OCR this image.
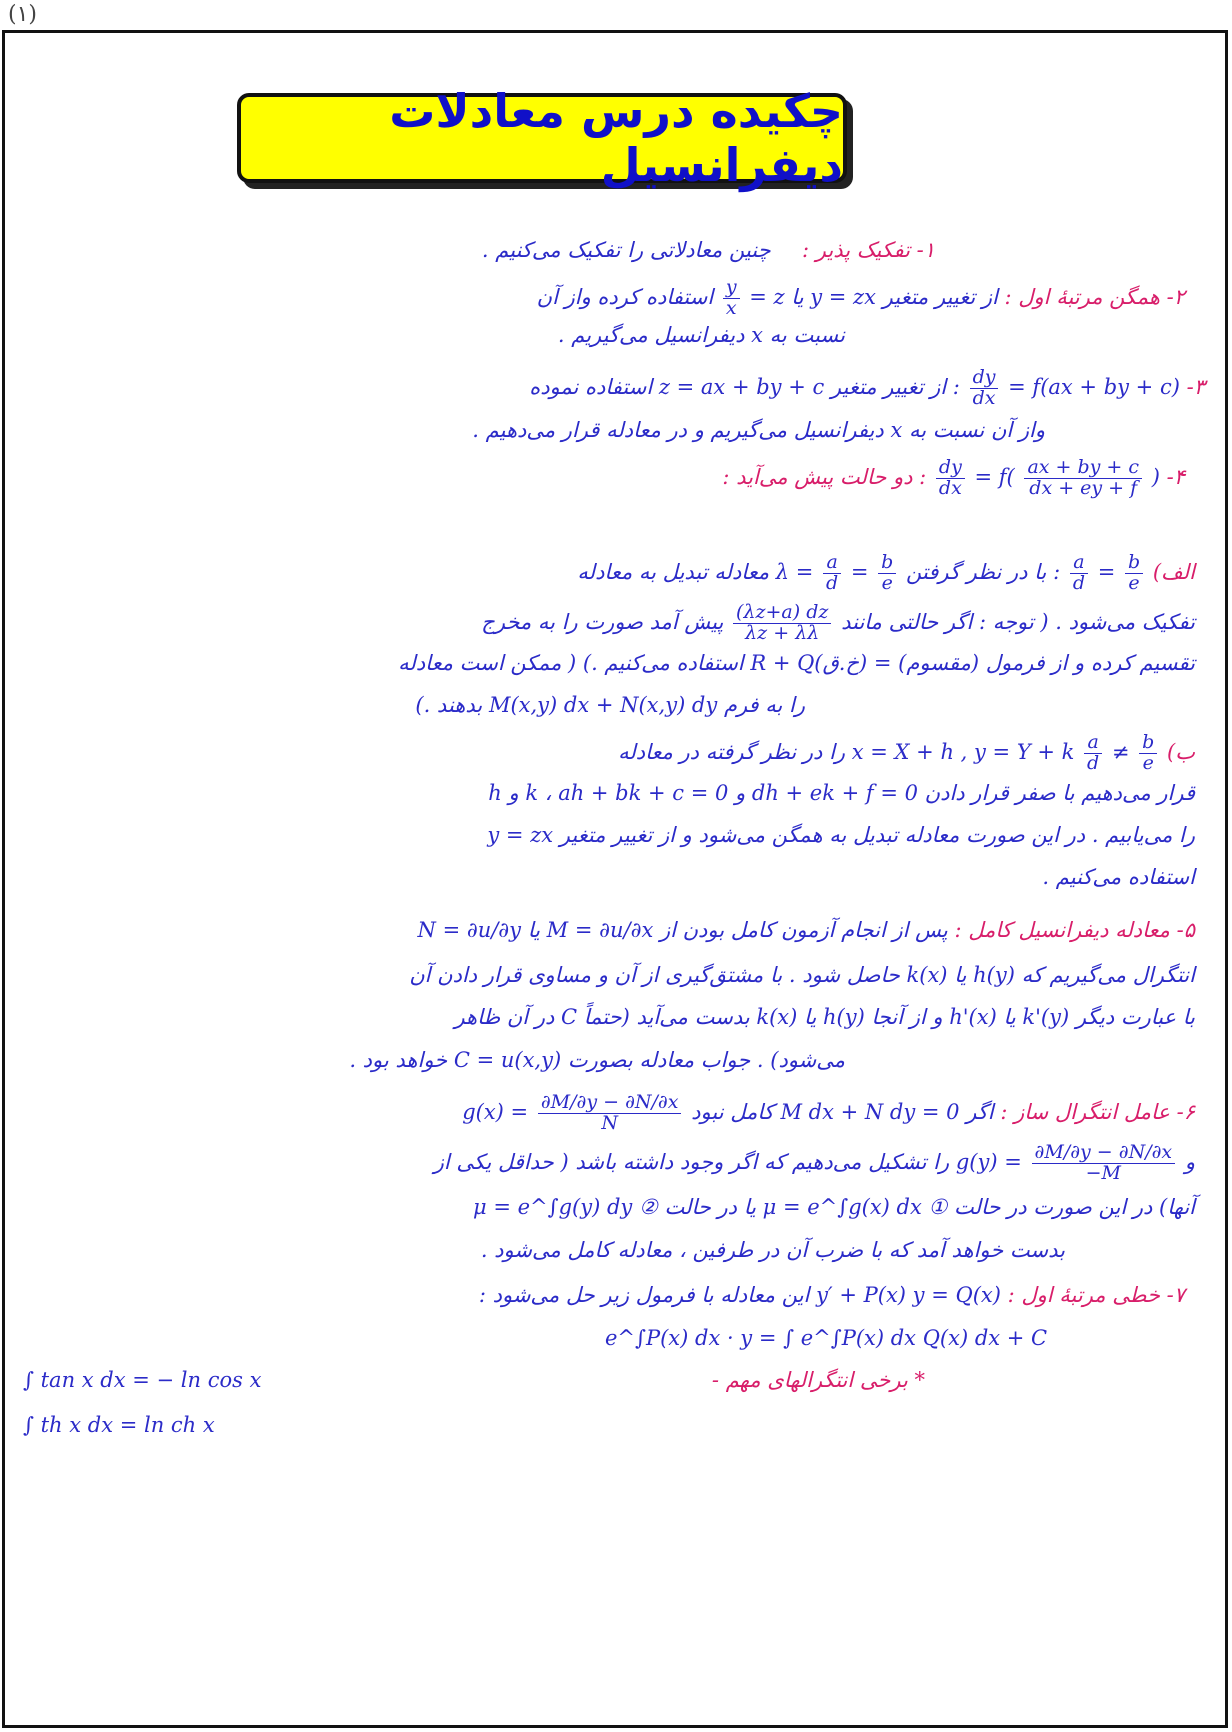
(۱)
چکیده درس معادلات دیفرانسیل
۱- تفکیک پذیر :  چنین معادلاتی را تفکیک می‌کنیم .
۲- همگن مرتبهٔ اول : از تغییر متغیر y = zx یا
$\frac{y}{x} = z$ استفاده کرده واز آن
نسبت به x دیفرانسیل می‌گیریم .
۳-
$\frac{dy}{dx} = f(ax$ + by + c) : از تغییر متغیر z = ax + by + c استفاده نموده
واز آن نسبت به x دیفرانسیل می‌گیریم و در معادله قرار می‌دهیم .
۴-
$\frac{dy}{dx} = f( \frac{ax + by + c}{dx + ey + f}$ ) : دو حالت پیش می‌آید :
الف)
$\frac{a}{d} = \frac{b}{e}$
: با در نظر گرفتن $\lambda = \frac{a}{d} = \frac{b}{e}$
معادله تبدیل به معادله
تفکیک می‌شود . ( توجه : اگر حالتی مانند
$\frac{(\lambda z+a) dz}{\lambda z + \lambda\lambda}$
پیش آمد صورت را به مخرج
تقسیم کرده و از فرمول R + Q(خ.ق) = (مقسوم) استفاده می‌کنیم .) ( ممکن است معادله
را به فرم M(x,y) dx + N(x,y) dy بدهند .)
ب)
$\frac{a}{d} \ne \frac{b}{e}$
x = X + h , y = Y + k را در نظر گرفته در معادله
قرار می‌دهیم با صفر قرار دادن ah + bk + c = 0 و dh + ek + f = 0 ، k و h
را می‌یابیم . در این صورت معادله تبدیل به همگن می‌شود و از تغییر متغیر y = zx
استفاده می‌کنیم .
۵- معادله دیفرانسیل کامل : پس از انجام آزمون کامل بودن از M = ∂u/∂x یا N = ∂u/∂y
انتگرال می‌گیریم که h(y) یا k(x) حاصل شود . با مشتق‌گیری از آن و مساوی قرار دادن آن
با عبارت دیگر k'(y) یا h'(x) و از آنجا h(y) یا k(x) بدست می‌آید (حتماً C در آن ظاهر
می‌شود) . جواب معادله بصورت C = u(x,y) خواهد بود .
۶- عامل انتگرال ساز : اگر M dx + N dy = 0 کامل نبود $g(x) = \frac{\partial M/\partial y - \partial N/\partial x}{N}$
و $g(y) = \frac{\partial M/\partial y - \partial N/\partial x}{-M}$
را تشکیل می‌دهیم که اگر وجود داشته باشد ( حداقل یکی از
آنها) در این صورت در حالت ① μ = e^∫g(x) dx یا در حالت ② μ = e^∫g(y) dy
بدست خواهد آمد که با ضرب آن در طرفین ، معادله کامل می‌شود .
۷- خطی مرتبهٔ اول : y′ + P(x) y = Q(x) این معادله با فرمول زیر حل می‌شود :
e^∫P(x) dx · y = ∫ e^∫P(x) dx Q(x) dx + C
* برخی انتگرالهای مهم -
∫ tan x dx = − ln cos x
∫ th x dx = ln ch x
